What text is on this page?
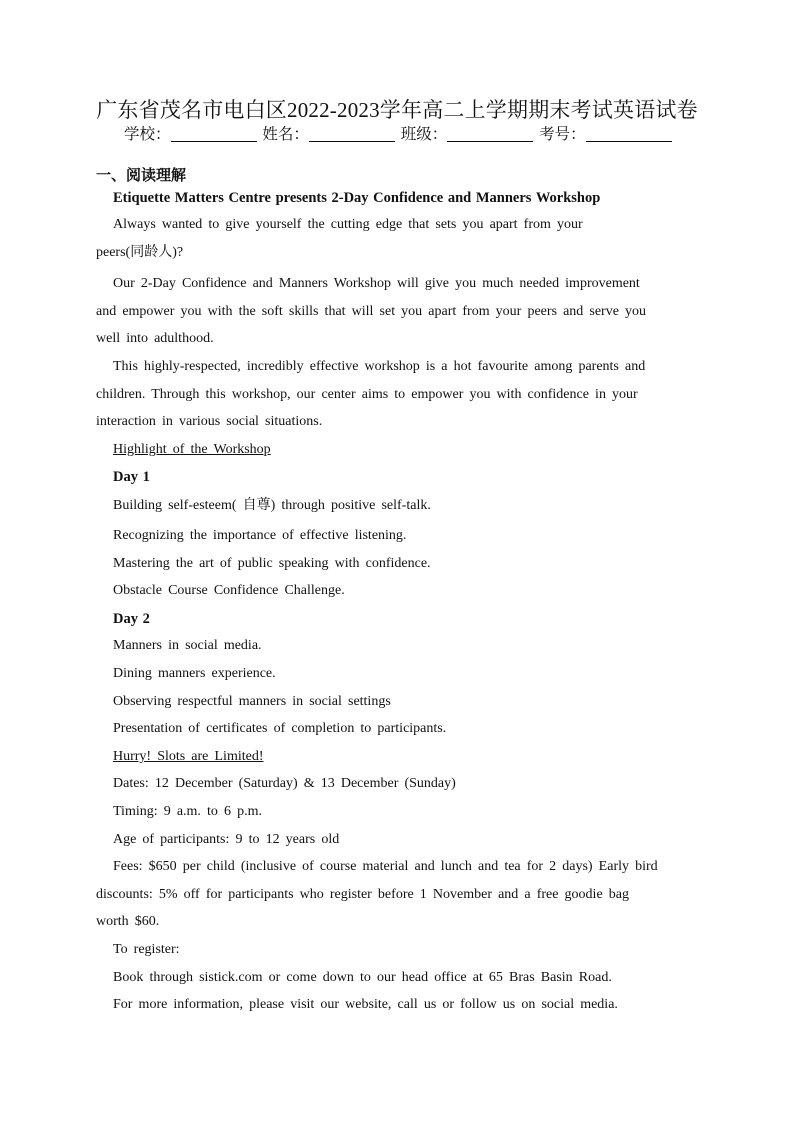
广东省茂名市电白区2022-2023学年高二上学期期末考试英语试卷
学校：	姓名：	班级：	考号：
一、阅读理解
Etiquette Matters Centre presents 2-Day Confidence and Manners Workshop
Always wanted to give yourself the cutting edge that sets you apart from your
peers(同龄人)?
Our 2-Day Confidence and Manners Workshop will give you much needed improvement
and empower you with the soft skills that will set you apart from your peers and serve you
well into adulthood.
This highly-respected, incredibly effective workshop is a hot favourite among parents and
children. Through this workshop, our center aims to empower you with confidence in your
interaction in various social situations.
Highlight of the Workshop
Day 1
Building self-esteem( 自尊) through positive self-talk.
Recognizing the importance of effective listening.
Mastering the art of public speaking with confidence.
Obstacle Course Confidence Challenge.
Day 2
Manners in social media.
Dining manners experience.
Observing respectful manners in social settings
Presentation of certificates of completion to participants.
Hurry! Slots are Limited!
Dates: 12 December (Saturday) & 13 December (Sunday)
Timing: 9 a.m. to 6 p.m.
Age of participants: 9 to 12 years old
Fees: $650 per child (inclusive of course material and lunch and tea for 2 days) Early bird
discounts: 5% off for participants who register before 1 November and a free goodie bag
worth $60.
To register:
Book through sistick.com or come down to our head office at 65 Bras Basin Road.
For more information, please visit our website, call us or follow us on social media.
